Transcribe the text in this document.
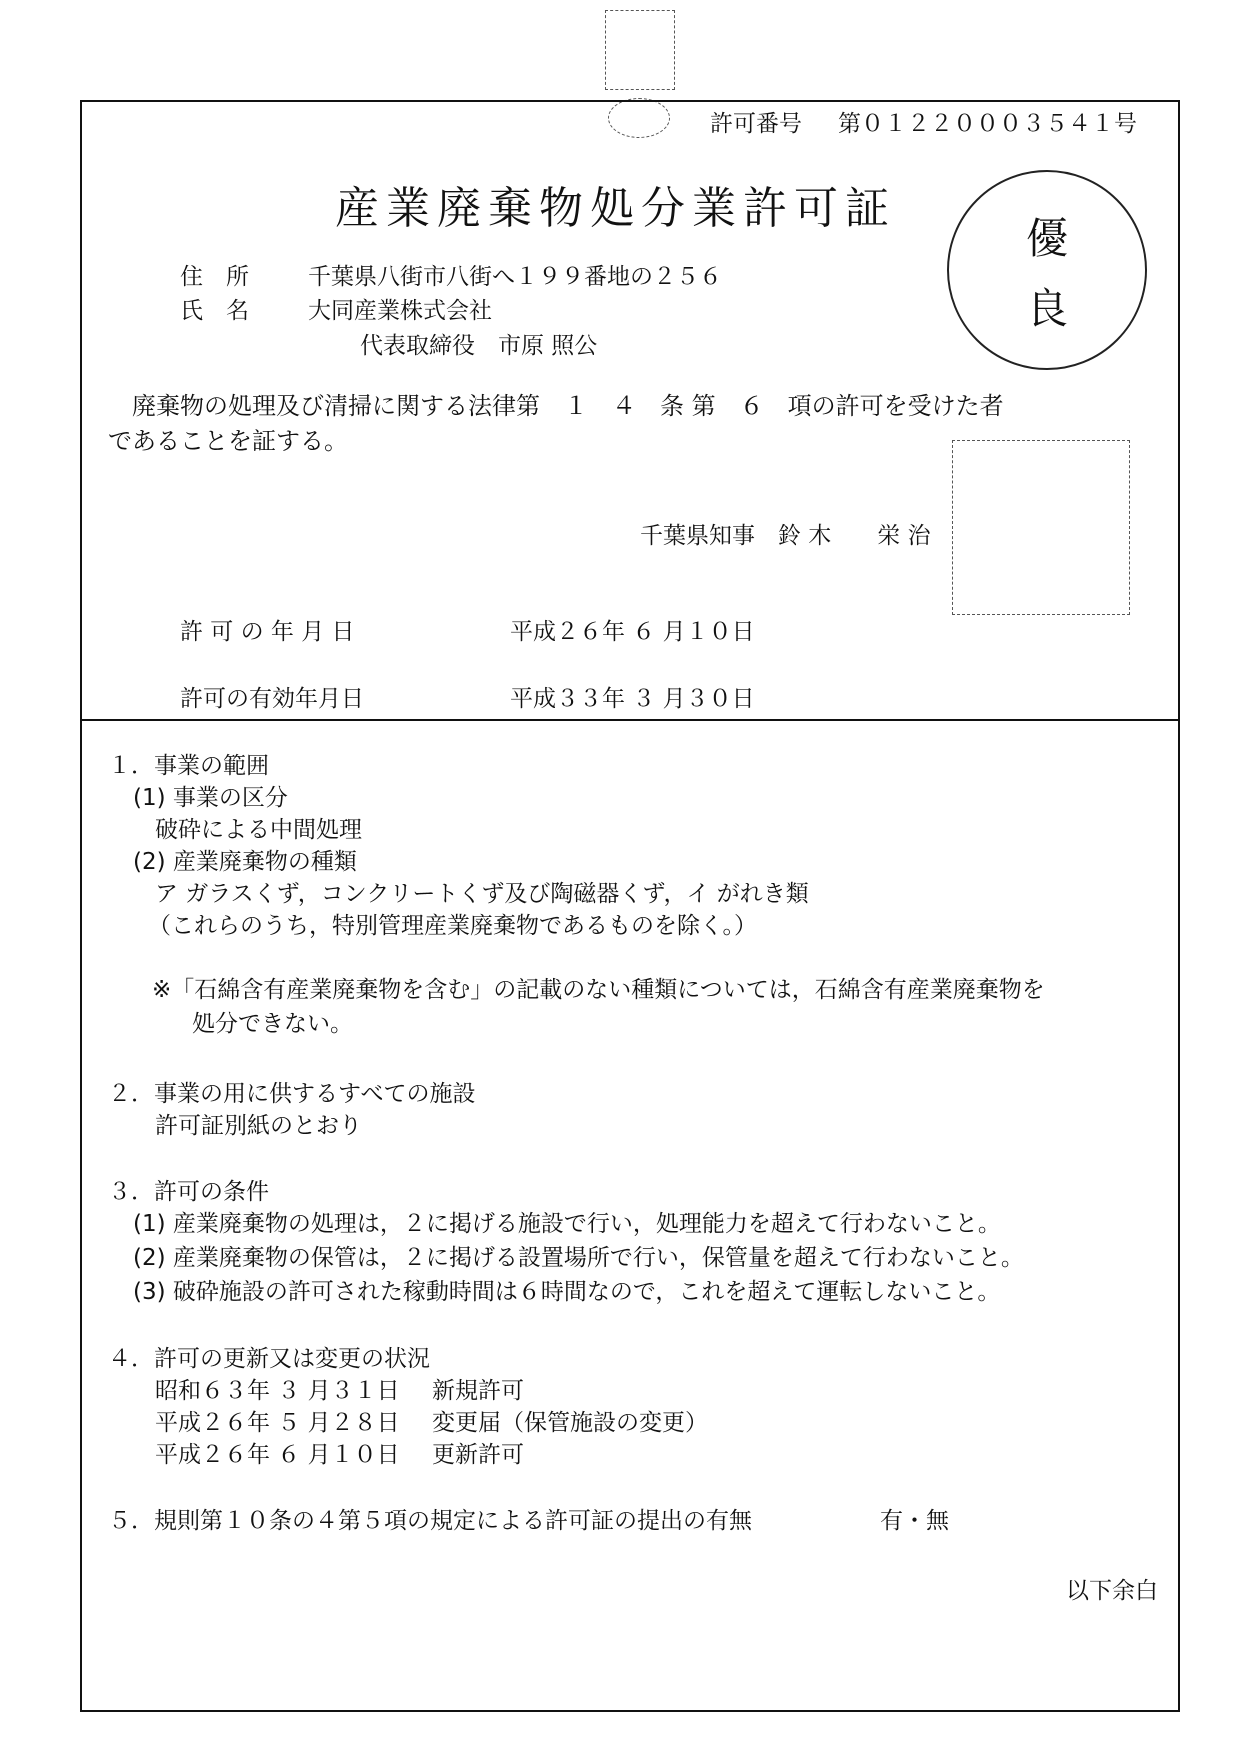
許可番号 第０１２２０００３５４１号
産業廃棄物処分業許可証
優
良
住　所	千葉県八街市八街へ１９９番地の２５６
氏　名	大同産業株式会社
代表取締役　市原 照公
廃棄物の処理及び清掃に関する法律第　１　４　条 第　６　項の許可を受けた者
であることを証する。
千葉県知事　鈴 木　　栄 治
許 可 の 年 月 日	平成２６年 ６ 月１０日
許可の有効年月日	平成３３年 ３ 月３０日
１．事業の範囲
(1) 事業の区分
破砕による中間処理
(2) 産業廃棄物の種類
ア ガラスくず，コンクリートくず及び陶磁器くず，イ がれき類
（これらのうち，特別管理産業廃棄物であるものを除く。）
※「石綿含有産業廃棄物を含む」の記載のない種類については，石綿含有産業廃棄物を
処分できない。
２．事業の用に供するすべての施設
許可証別紙のとおり
３．許可の条件
(1) 産業廃棄物の処理は，２に掲げる施設で行い，処理能力を超えて行わないこと。
(2) 産業廃棄物の保管は，２に掲げる設置場所で行い，保管量を超えて行わないこと。
(3) 破砕施設の許可された稼動時間は６時間なので，これを超えて運転しないこと。
４．許可の更新又は変更の状況
昭和６３年 ３ 月３１日 新規許可
平成２６年 ５ 月２８日 変更届（保管施設の変更）
平成２６年 ６ 月１０日 更新許可
５．規則第１０条の４第５項の規定による許可証の提出の有無	有・無
以下余白
